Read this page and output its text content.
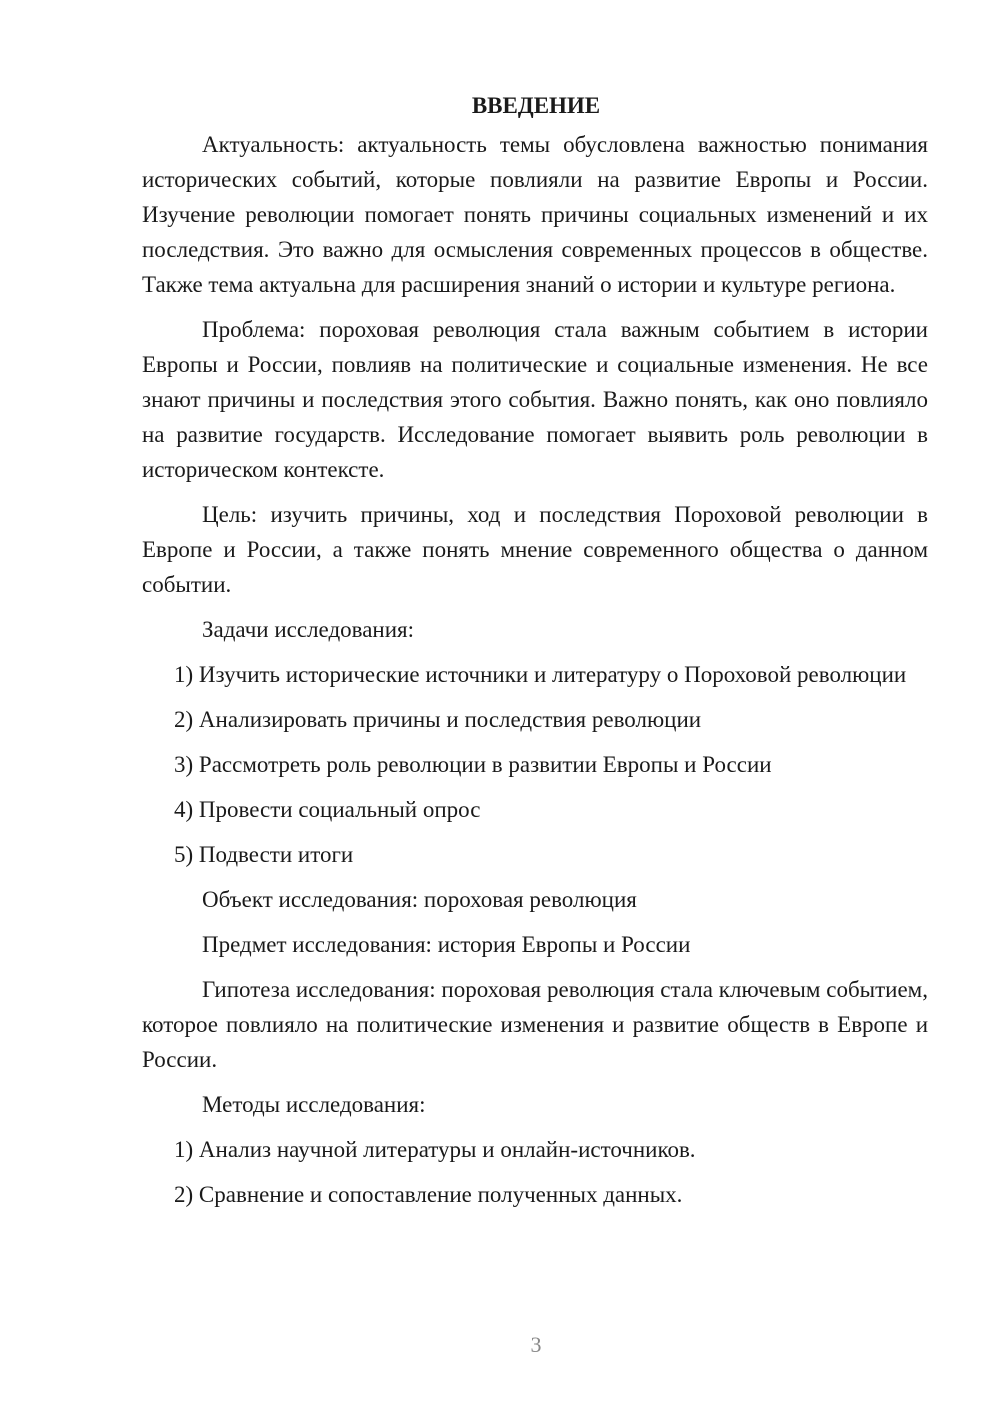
ВВЕДЕНИЕ

Актуальность: актуальность темы обусловлена важностью понимания исторических событий, которые повлияли на развитие Европы и России. Изучение революции помогает понять причины социальных изменений и их последствия. Это важно для осмысления современных процессов в обществе. Также тема актуальна для расширения знаний о истории и культуре региона.

Проблема: пороховая революция стала важным событием в истории Европы и России, повлияв на политические и социальные изменения. Не все знают причины и последствия этого события. Важно понять, как оно повлияло на развитие государств. Исследование помогает выявить роль революции в историческом контексте.

Цель: изучить причины, ход и последствия Пороховой революции в Европе и России, а также понять мнение современного общества о данном событии.

Задачи исследования:

1) Изучить исторические источники и литературу о Пороховой революции

2) Анализировать причины и последствия революции

3) Рассмотреть роль революции в развитии Европы и России

4) Провести социальный опрос

5) Подвести итоги

Объект исследования: пороховая революция

Предмет исследования: история Европы и России

Гипотеза исследования: пороховая революция стала ключевым событием, которое повлияло на политические изменения и развитие обществ в Европе и России.

Методы исследования:

1) Анализ научной литературы и онлайн-источников.

2) Сравнение и сопоставление полученных данных.

3
